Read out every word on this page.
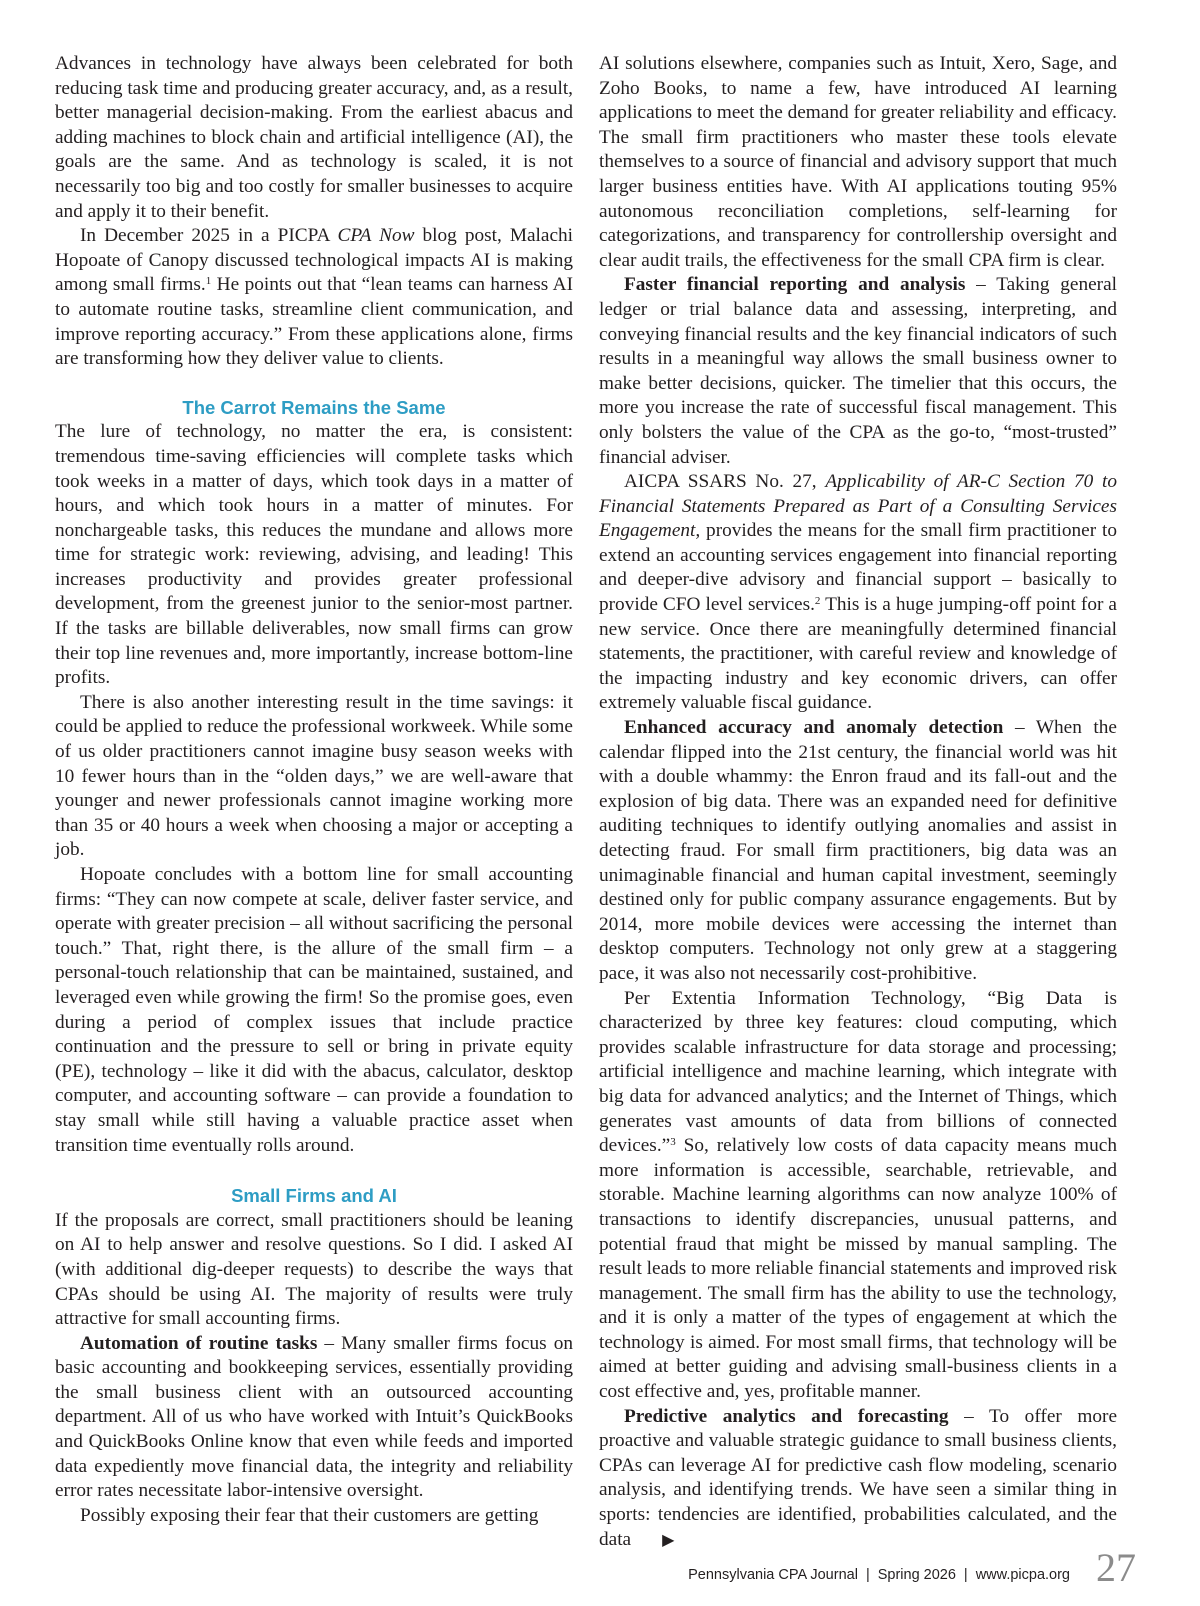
Advances in technology have always been celebrated for both reducing task time and producing greater accuracy, and, as a result, better managerial decision-making. From the earliest abacus and adding machines to block chain and artificial intelligence (AI), the goals are the same. And as technology is scaled, it is not necessarily too big and too costly for smaller businesses to acquire and apply it to their benefit.

In December 2025 in a PICPA CPA Now blog post, Malachi Hopoate of Canopy discussed technological impacts AI is making among small firms.$^1$ He points out that “lean teams can harness AI to automate routine tasks, streamline client communication, and improve reporting accuracy.” From these applications alone, firms are transforming how they deliver value to clients.

The Carrot Remains the Same

The lure of technology, no matter the era, is consistent: tremendous time-saving efficiencies will complete tasks which took weeks in a matter of days, which took days in a matter of hours, and which took hours in a matter of minutes. For nonchargeable tasks, this reduces the mundane and allows more time for strategic work: reviewing, advising, and leading! This increases productivity and provides greater professional development, from the greenest junior to the senior-most partner. If the tasks are billable deliverables, now small firms can grow their top line revenues and, more importantly, increase bottom-line profits.

There is also another interesting result in the time savings: it could be applied to reduce the professional workweek. While some of us older practitioners cannot imagine busy season weeks with 10 fewer hours than in the “olden days,” we are well-aware that younger and newer professionals cannot imagine working more than 35 or 40 hours a week when choosing a major or accepting a job.

Hopoate concludes with a bottom line for small accounting firms: “They can now compete at scale, deliver faster service, and operate with greater precision – all without sacrificing the personal touch.” That, right there, is the allure of the small firm – a personal-touch relationship that can be maintained, sustained, and leveraged even while growing the firm! So the promise goes, even during a period of complex issues that include practice continuation and the pressure to sell or bring in private equity (PE), technology – like it did with the abacus, calculator, desktop computer, and accounting software – can provide a foundation to stay small while still having a valuable practice asset when transition time eventually rolls around.

Small Firms and AI

If the proposals are correct, small practitioners should be leaning on AI to help answer and resolve questions. So I did. I asked AI (with additional dig-deeper requests) to describe the ways that CPAs should be using AI. The majority of results were truly attractive for small accounting firms.

Automation of routine tasks – Many smaller firms focus on basic accounting and bookkeeping services, essentially providing the small business client with an outsourced accounting department. All of us who have worked with Intuit’s QuickBooks and QuickBooks Online know that even while feeds and imported data expediently move financial data, the integrity and reliability error rates necessitate labor-intensive oversight.

Possibly exposing their fear that their customers are getting

AI solutions elsewhere, companies such as Intuit, Xero, Sage, and Zoho Books, to name a few, have introduced AI learning applications to meet the demand for greater reliability and efficacy. The small firm practitioners who master these tools elevate themselves to a source of financial and advisory support that much larger business entities have. With AI applications touting 95% autonomous reconciliation completions, self-learning for categorizations, and transparency for controllership oversight and clear audit trails, the effectiveness for the small CPA firm is clear.

Faster financial reporting and analysis – Taking general ledger or trial balance data and assessing, interpreting, and conveying financial results and the key financial indicators of such results in a meaningful way allows the small business owner to make better decisions, quicker. The timelier that this occurs, the more you increase the rate of successful fiscal management. This only bolsters the value of the CPA as the go-to, “most-trusted” financial adviser.

AICPA SSARS No. 27, Applicability of AR-C Section 70 to Financial Statements Prepared as Part of a Consulting Services Engagement, provides the means for the small firm practitioner to extend an accounting services engagement into financial reporting and deeper-dive advisory and financial support – basically to provide CFO level services.$^2$ This is a huge jumping-off point for a new service. Once there are meaningfully determined financial statements, the practitioner, with careful review and knowledge of the impacting industry and key economic drivers, can offer extremely valuable fiscal guidance.

Enhanced accuracy and anomaly detection – When the calendar flipped into the 21st century, the financial world was hit with a double whammy: the Enron fraud and its fall-out and the explosion of big data. There was an expanded need for definitive auditing techniques to identify outlying anomalies and assist in detecting fraud. For small firm practitioners, big data was an unimaginable financial and human capital investment, seemingly destined only for public company assurance engagements. But by 2014, more mobile devices were accessing the internet than desktop computers. Technology not only grew at a staggering pace, it was also not necessarily cost-prohibitive.

Per Extentia Information Technology, “Big Data is characterized by three key features: cloud computing, which provides scalable infrastructure for data storage and processing; artificial intelligence and machine learning, which integrate with big data for advanced analytics; and the Internet of Things, which generates vast amounts of data from billions of connected devices.”$^3$ So, relatively low costs of data capacity means much more information is accessible, searchable, retrievable, and storable. Machine learning algorithms can now analyze 100% of transactions to identify discrepancies, unusual patterns, and potential fraud that might be missed by manual sampling. The result leads to more reliable financial statements and improved risk management. The small firm has the ability to use the technology, and it is only a matter of the types of engagement at which the technology is aimed. For most small firms, that technology will be aimed at better guiding and advising small-business clients in a cost effective and, yes, profitable manner.

Predictive analytics and forecasting – To offer more proactive and valuable strategic guidance to small business clients, CPAs can leverage AI for predictive cash flow modeling, scenario analysis, and identifying trends. We have seen a similar thing in sports: tendencies are identified, probabilities calculated, and the data ▶

Pennsylvania CPA Journal | Spring 2026 | www.picpa.org 27
